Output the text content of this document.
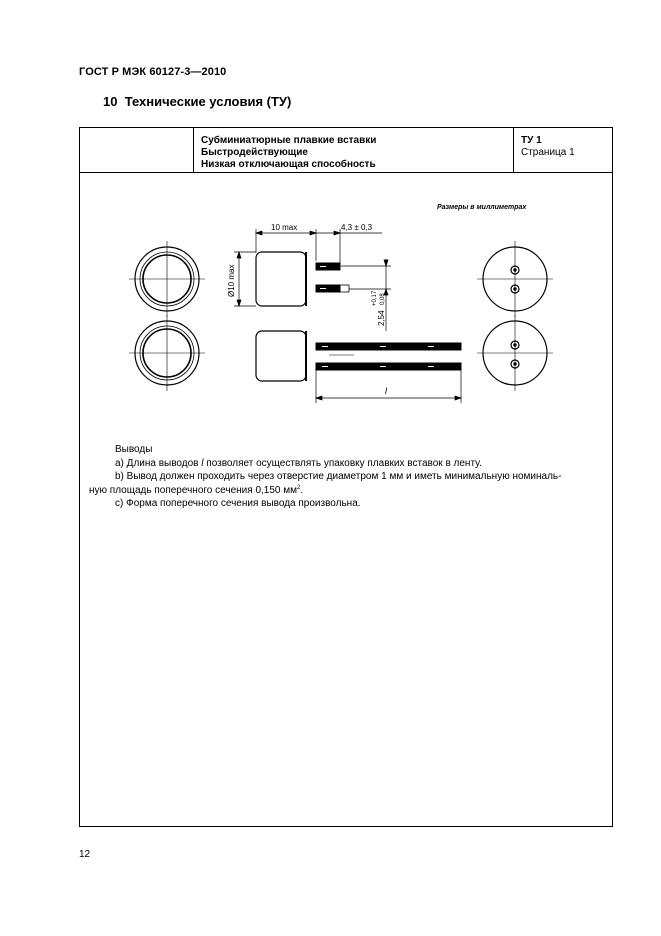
ГОСТ Р МЭК 60127-3—2010
10 Технические условия (ТУ)
Субминиатюрные плавкие вставки
Быстродействующие
Низкая отключающая способность
ТУ 1
Страница 1
Размеры в миллиметрах
10 max	4,3 ± 0,3
Ø10 max
2,54
+0,17 0,08
l
Выводы
a) Длина выводов l позволяет осуществлять упаковку плавких вставок в ленту.
b) Вывод должен проходить через отверстие диаметром 1 мм и иметь минимальную номиналь-
ную площадь поперечного сечения 0,150 $мм^2$.
c) Форма поперечного сечения вывода произвольна.
12
